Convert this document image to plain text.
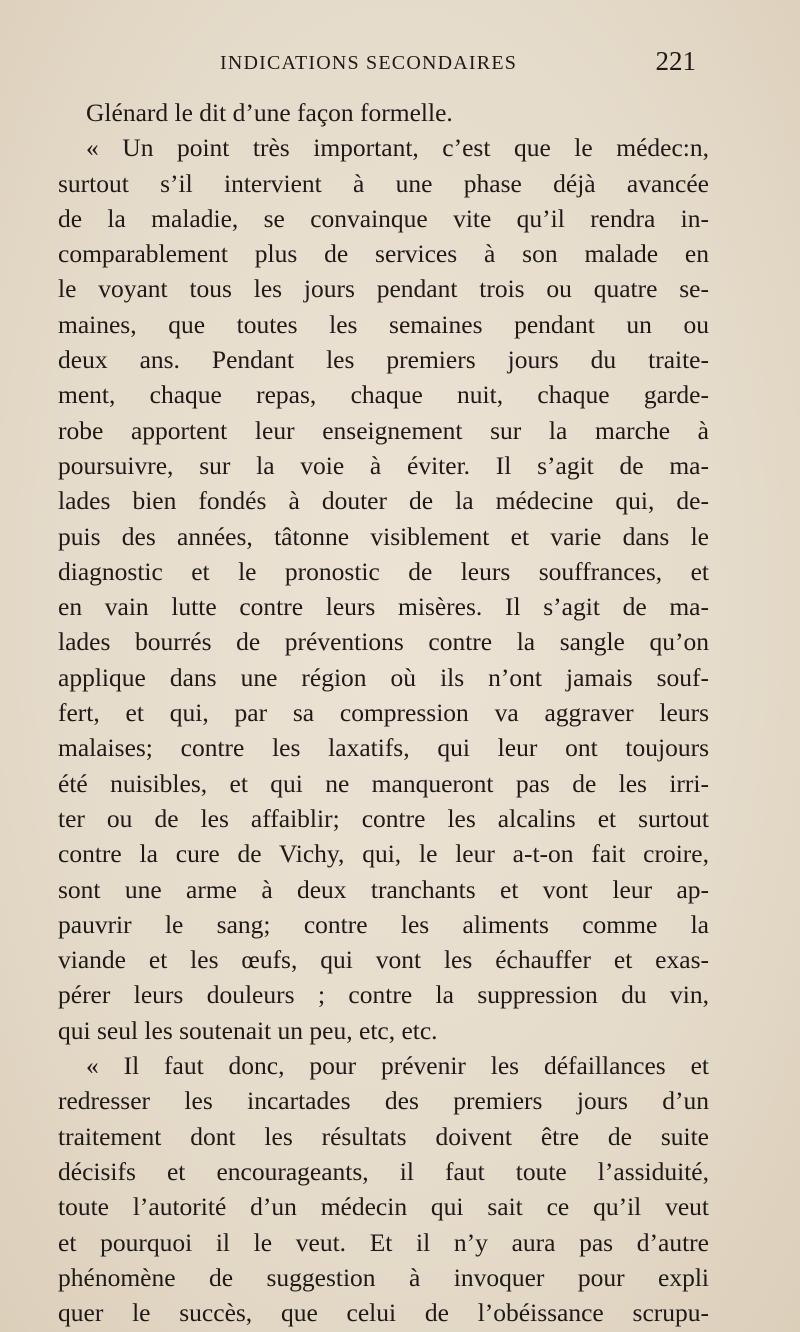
INDICATIONS SECONDAIRES	221
Glénard le dit d’une façon formelle.
« Un point très important, c’est que le médec:n,
surtout s’il intervient à une phase déjà avancée
de la maladie, se convainque vite qu’il rendra in-
comparablement plus de services à son malade en
le voyant tous les jours pendant trois ou quatre se-
maines, que toutes les semaines pendant un ou
deux ans. Pendant les premiers jours du traite-
ment, chaque repas, chaque nuit, chaque garde-
robe apportent leur enseignement sur la marche à
poursuivre, sur la voie à éviter. Il s’agit de ma-
lades bien fondés à douter de la médecine qui, de-
puis des années, tâtonne visiblement et varie dans le
diagnostic et le pronostic de leurs souffrances, et
en vain lutte contre leurs misères. Il s’agit de ma-
lades bourrés de préventions contre la sangle qu’on
applique dans une région où ils n’ont jamais souf-
fert, et qui, par sa compression va aggraver leurs
malaises; contre les laxatifs, qui leur ont toujours
été nuisibles, et qui ne manqueront pas de les irri-
ter ou de les affaiblir; contre les alcalins et surtout
contre la cure de Vichy, qui, le leur a-t-on fait croire,
sont une arme à deux tranchants et vont leur ap-
pauvrir le sang; contre les aliments comme la
viande et les œufs, qui vont les échauffer et exas-
pérer leurs douleurs ; contre la suppression du vin,
qui seul les soutenait un peu, etc, etc.
« Il faut donc, pour prévenir les défaillances et
redresser les incartades des premiers jours d’un
traitement dont les résultats doivent être de suite
décisifs et encourageants, il faut toute l’assiduité,
toute l’autorité d’un médecin qui sait ce qu’il veut
et pourquoi il le veut. Et il n’y aura pas d’autre
phénomène de suggestion à invoquer pour expli
quer le succès, que celui de l’obéissance scrupu-
